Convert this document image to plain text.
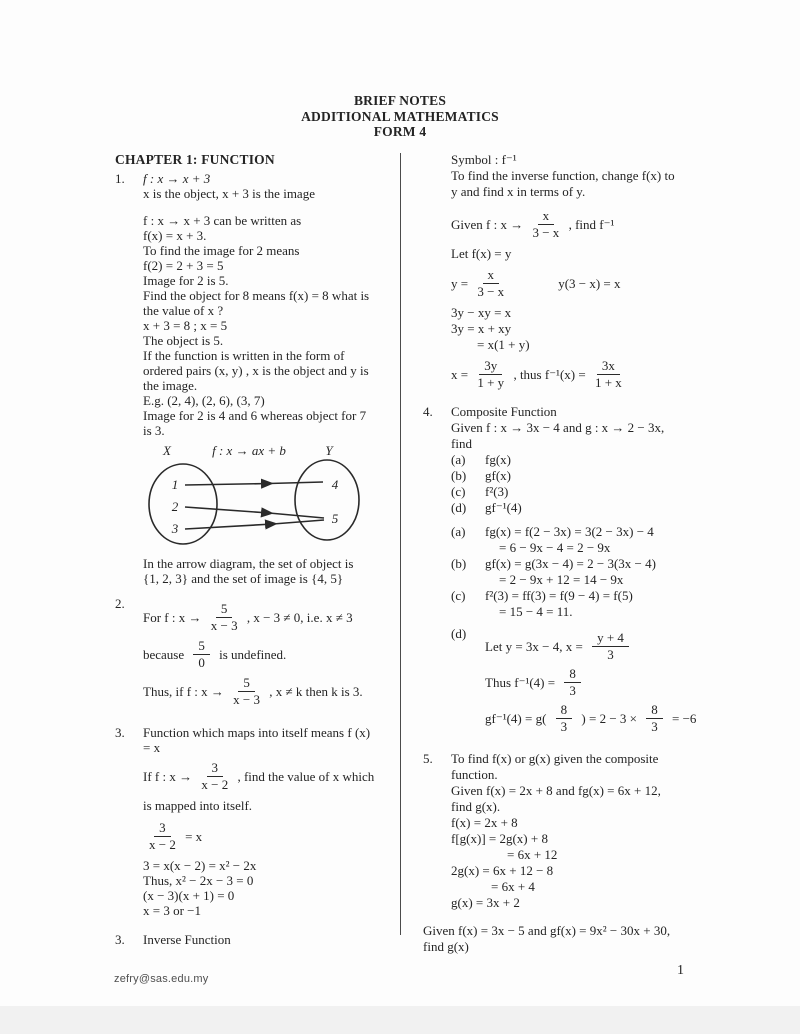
BRIEF NOTES
ADDITIONAL MATHEMATICS
FORM 4
CHAPTER 1: FUNCTION
1.	f : x → x + 3
x is the object, x + 3 is the image
f : x → x + 3 can be written as
f(x) = x + 3.
To find the image for 2 means
f(2) = 2 + 3 = 5
Image for 2 is 5.
Find the object for 8 means f(x) = 8 what is
the value of x ?
x + 3 = 8 ; x = 5
The object is 5.
If the function is written in the form of
ordered pairs (x, y) , x is the object and y is
the image.
E.g. (2, 4), (2, 6), (3, 7)
Image for 2 is 4 and 6 whereas object for 7
is 3.
X	f : x → ax + b	Y
1
2
3
4
5
In the arrow diagram, the set of object is
{1, 2, 3} and the set of image is {4, 5}
2.
For f : $x \to \frac{5}{x - 3}$ , x − 3 ≠ 0, i.e. x ≠ 3
because $\frac{5}{0}$ is undefined.
Thus, if f : $x \to \frac{5}{x - 3}$ , x ≠ k then k is 3.
3.	Function which maps into itself means f (x)
= x
If f : $x \to \frac{3}{x - 2}$ , find the value of x which
is mapped into itself.
$\frac{3}{x - 2} = x$
3 = x(x − 2) = x² − 2x
Thus, x² − 2x − 3 = 0
(x − 3)(x + 1) = 0
x = 3 or −1
3.	Inverse Function
Symbol : f⁻¹
To find the inverse function, change f(x) to
y and find x in terms of y.
Given f : $x \to \frac{x}{3 - x}$ , find f⁻¹
Let f(x) = y
$y = \frac{x}{3 - x}$	y(3 − x) = x
3y − xy = x
3y = x + xy
= x(1 + y)
$x = \frac{3y}{1 + y}$ , thus $f^{-1}(x) = \frac{3x}{1 + x}$
4.	Composite Function
Given f : x → 3x − 4 and g : x → 2 − 3x,
find
(a)	fg(x)
(b)	gf(x)
(c)	f²(3)
(d)	gf⁻¹(4)
(a)	fg(x) = f(2 − 3x) = 3(2 − 3x) − 4
= 6 − 9x − 4 = 2 − 9x
(b)	gf(x) = g(3x − 4) = 2 − 3(3x − 4)
= 2 − 9x + 12 = 14 − 9x
(c)	f²(3) = ff(3) = f(9 − 4) = f(5)
= 15 − 4 = 11.
(d)
Let y = 3x − 4, $x = \frac{y + 4}{3}$
Thus $f^{-1}(4) = \frac{8}{3}$
$gf^{-1}(4) = g( \frac{8}{3}$ ) = $2 - 3 \times \frac{8}{3} = -6$
5.	To find f(x) or g(x) given the composite
function.
Given f(x) = 2x + 8 and fg(x) = 6x + 12,
find g(x).
f(x) = 2x + 8
f[g(x)] = 2g(x) + 8
= 6x + 12
2g(x) = 6x + 12 − 8
= 6x + 4
g(x) = 3x + 2
Given f(x) = 3x − 5 and gf(x) = 9x² − 30x + 30,
find g(x)
zefry@sas.edu.my
1
